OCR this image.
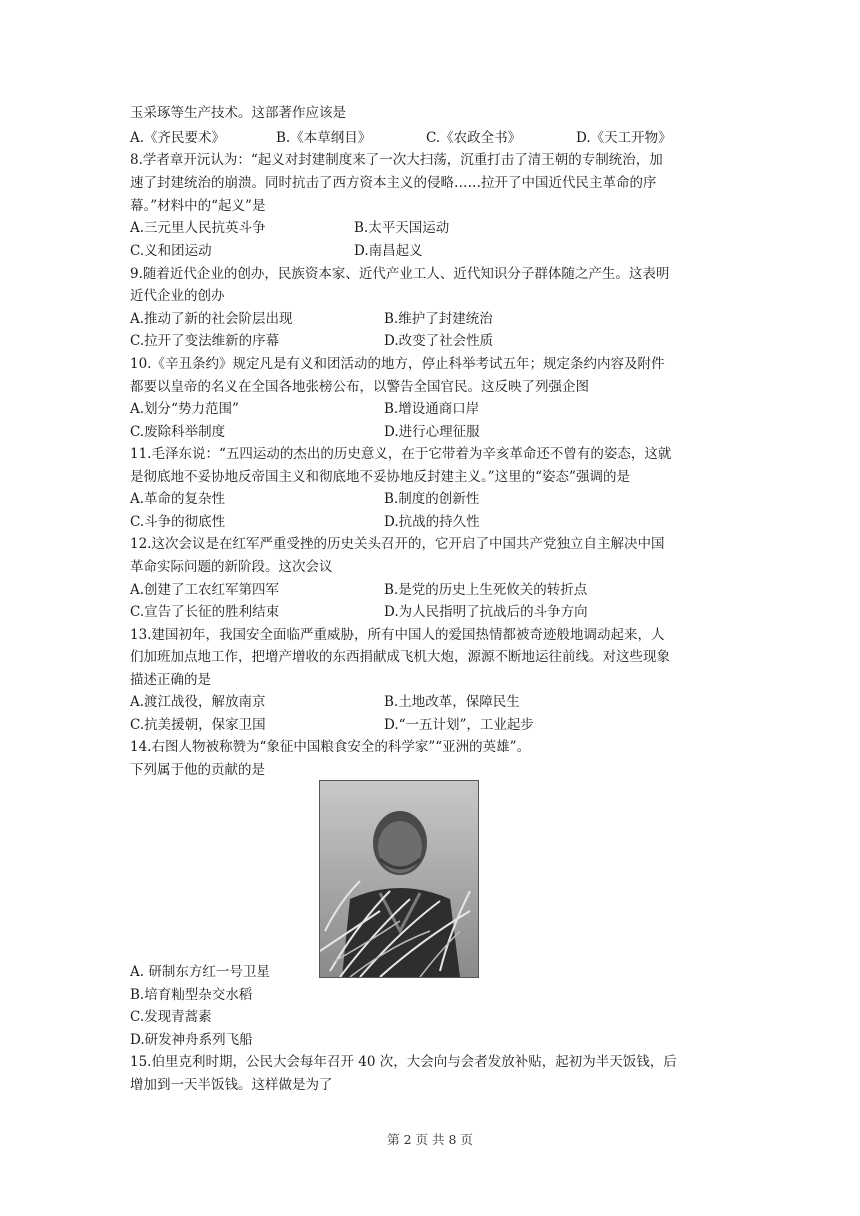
玉采琢等生产技术。这部著作应该是
A.《齐民要术》	B.《本草纲目》	C.《农政全书》	D.《天工开物》
8.学者章开沅认为：“起义对封建制度来了一次大扫荡，沉重打击了清王朝的专制统治，加
速了封建统治的崩溃。同时抗击了西方资本主义的侵略……拉开了中国近代民主革命的序
幕。”材料中的“起义”是
A.三元里人民抗英斗争	B.太平天国运动
C.义和团运动	D.南昌起义
9.随着近代企业的创办，民族资本家、近代产业工人、近代知识分子群体随之产生。这表明
近代企业的创办
A.推动了新的社会阶层出现	B.维护了封建统治
C.拉开了变法维新的序幕	D.改变了社会性质
10.《辛丑条约》规定凡是有义和团活动的地方，停止科举考试五年；规定条约内容及附件
都要以皇帝的名义在全国各地张榜公布，以警告全国官民。这反映了列强企图
A.划分“势力范围”	B.增设通商口岸
C.废除科举制度	D.进行心理征服
11.毛泽东说：“五四运动的杰出的历史意义，在于它带着为辛亥革命还不曾有的姿态，这就
是彻底地不妥协地反帝国主义和彻底地不妥协地反封建主义。”这里的“姿态”强调的是
A.革命的复杂性	B.制度的创新性
C.斗争的彻底性	D.抗战的持久性
12.这次会议是在红军严重受挫的历史关头召开的，它开启了中国共产党独立自主解决中国
革命实际问题的新阶段。这次会议
A.创建了工农红军第四军	B.是党的历史上生死攸关的转折点
C.宣告了长征的胜利结束	D.为人民指明了抗战后的斗争方向
13.建国初年，我国安全面临严重威胁，所有中国人的爱国热情都被奇迹般地调动起来，人
们加班加点地工作，把增产增收的东西捐献成飞机大炮，源源不断地运往前线。对这些现象
描述正确的是
A.渡江战役，解放南京	B.土地改革，保障民生
C.抗美援朝，保家卫国	D.“一五计划”，工业起步
14.右图人物被称赞为“象征中国粮食安全的科学家”“亚洲的英雄”。
下列属于他的贡献的是
A. 研制东方红一号卫星
B.培育籼型杂交水稻
C.发现青蒿素
D.研发神舟系列飞船
15.伯里克利时期，公民大会每年召开 40 次，大会向与会者发放补贴，起初为半天饭钱，后
增加到一天半饭钱。这样做是为了
第 2 页 共 8 页
